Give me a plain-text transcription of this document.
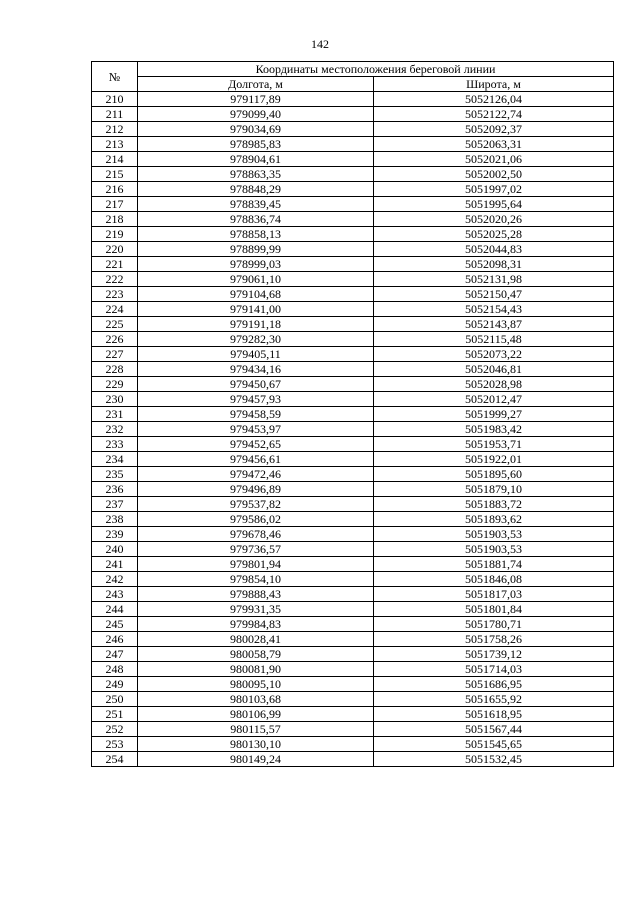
142
№	Координаты местоположения береговой линии	
	Долгота, м	Широта, м
210	979117,89	5052126,04
211	979099,40	5052122,74
212	979034,69	5052092,37
213	978985,83	5052063,31
214	978904,61	5052021,06
215	978863,35	5052002,50
216	978848,29	5051997,02
217	978839,45	5051995,64
218	978836,74	5052020,26
219	978858,13	5052025,28
220	978899,99	5052044,83
221	978999,03	5052098,31
222	979061,10	5052131,98
223	979104,68	5052150,47
224	979141,00	5052154,43
225	979191,18	5052143,87
226	979282,30	5052115,48
227	979405,11	5052073,22
228	979434,16	5052046,81
229	979450,67	5052028,98
230	979457,93	5052012,47
231	979458,59	5051999,27
232	979453,97	5051983,42
233	979452,65	5051953,71
234	979456,61	5051922,01
235	979472,46	5051895,60
236	979496,89	5051879,10
237	979537,82	5051883,72
238	979586,02	5051893,62
239	979678,46	5051903,53
240	979736,57	5051903,53
241	979801,94	5051881,74
242	979854,10	5051846,08
243	979888,43	5051817,03
244	979931,35	5051801,84
245	979984,83	5051780,71
246	980028,41	5051758,26
247	980058,79	5051739,12
248	980081,90	5051714,03
249	980095,10	5051686,95
250	980103,68	5051655,92
251	980106,99	5051618,95
252	980115,57	5051567,44
253	980130,10	5051545,65
254	980149,24	5051532,45
